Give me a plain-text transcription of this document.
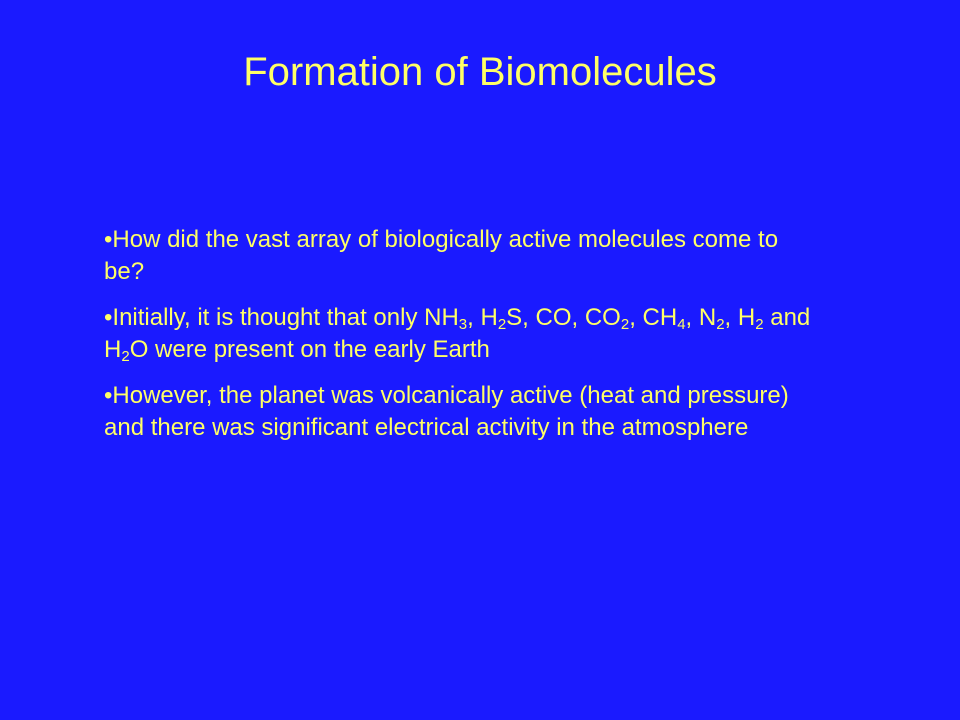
Formation of Biomolecules
•How did the vast array of biologically active molecules come to be?
•Initially, it is thought that only $NH_3$, $H_2S$, CO, $CO_2$, $CH_4$, $N_2$, $H_2$ and $H_2O$ were present on the early Earth
•However, the planet was volcanically active (heat and pressure) and there was significant electrical activity in the atmosphere
